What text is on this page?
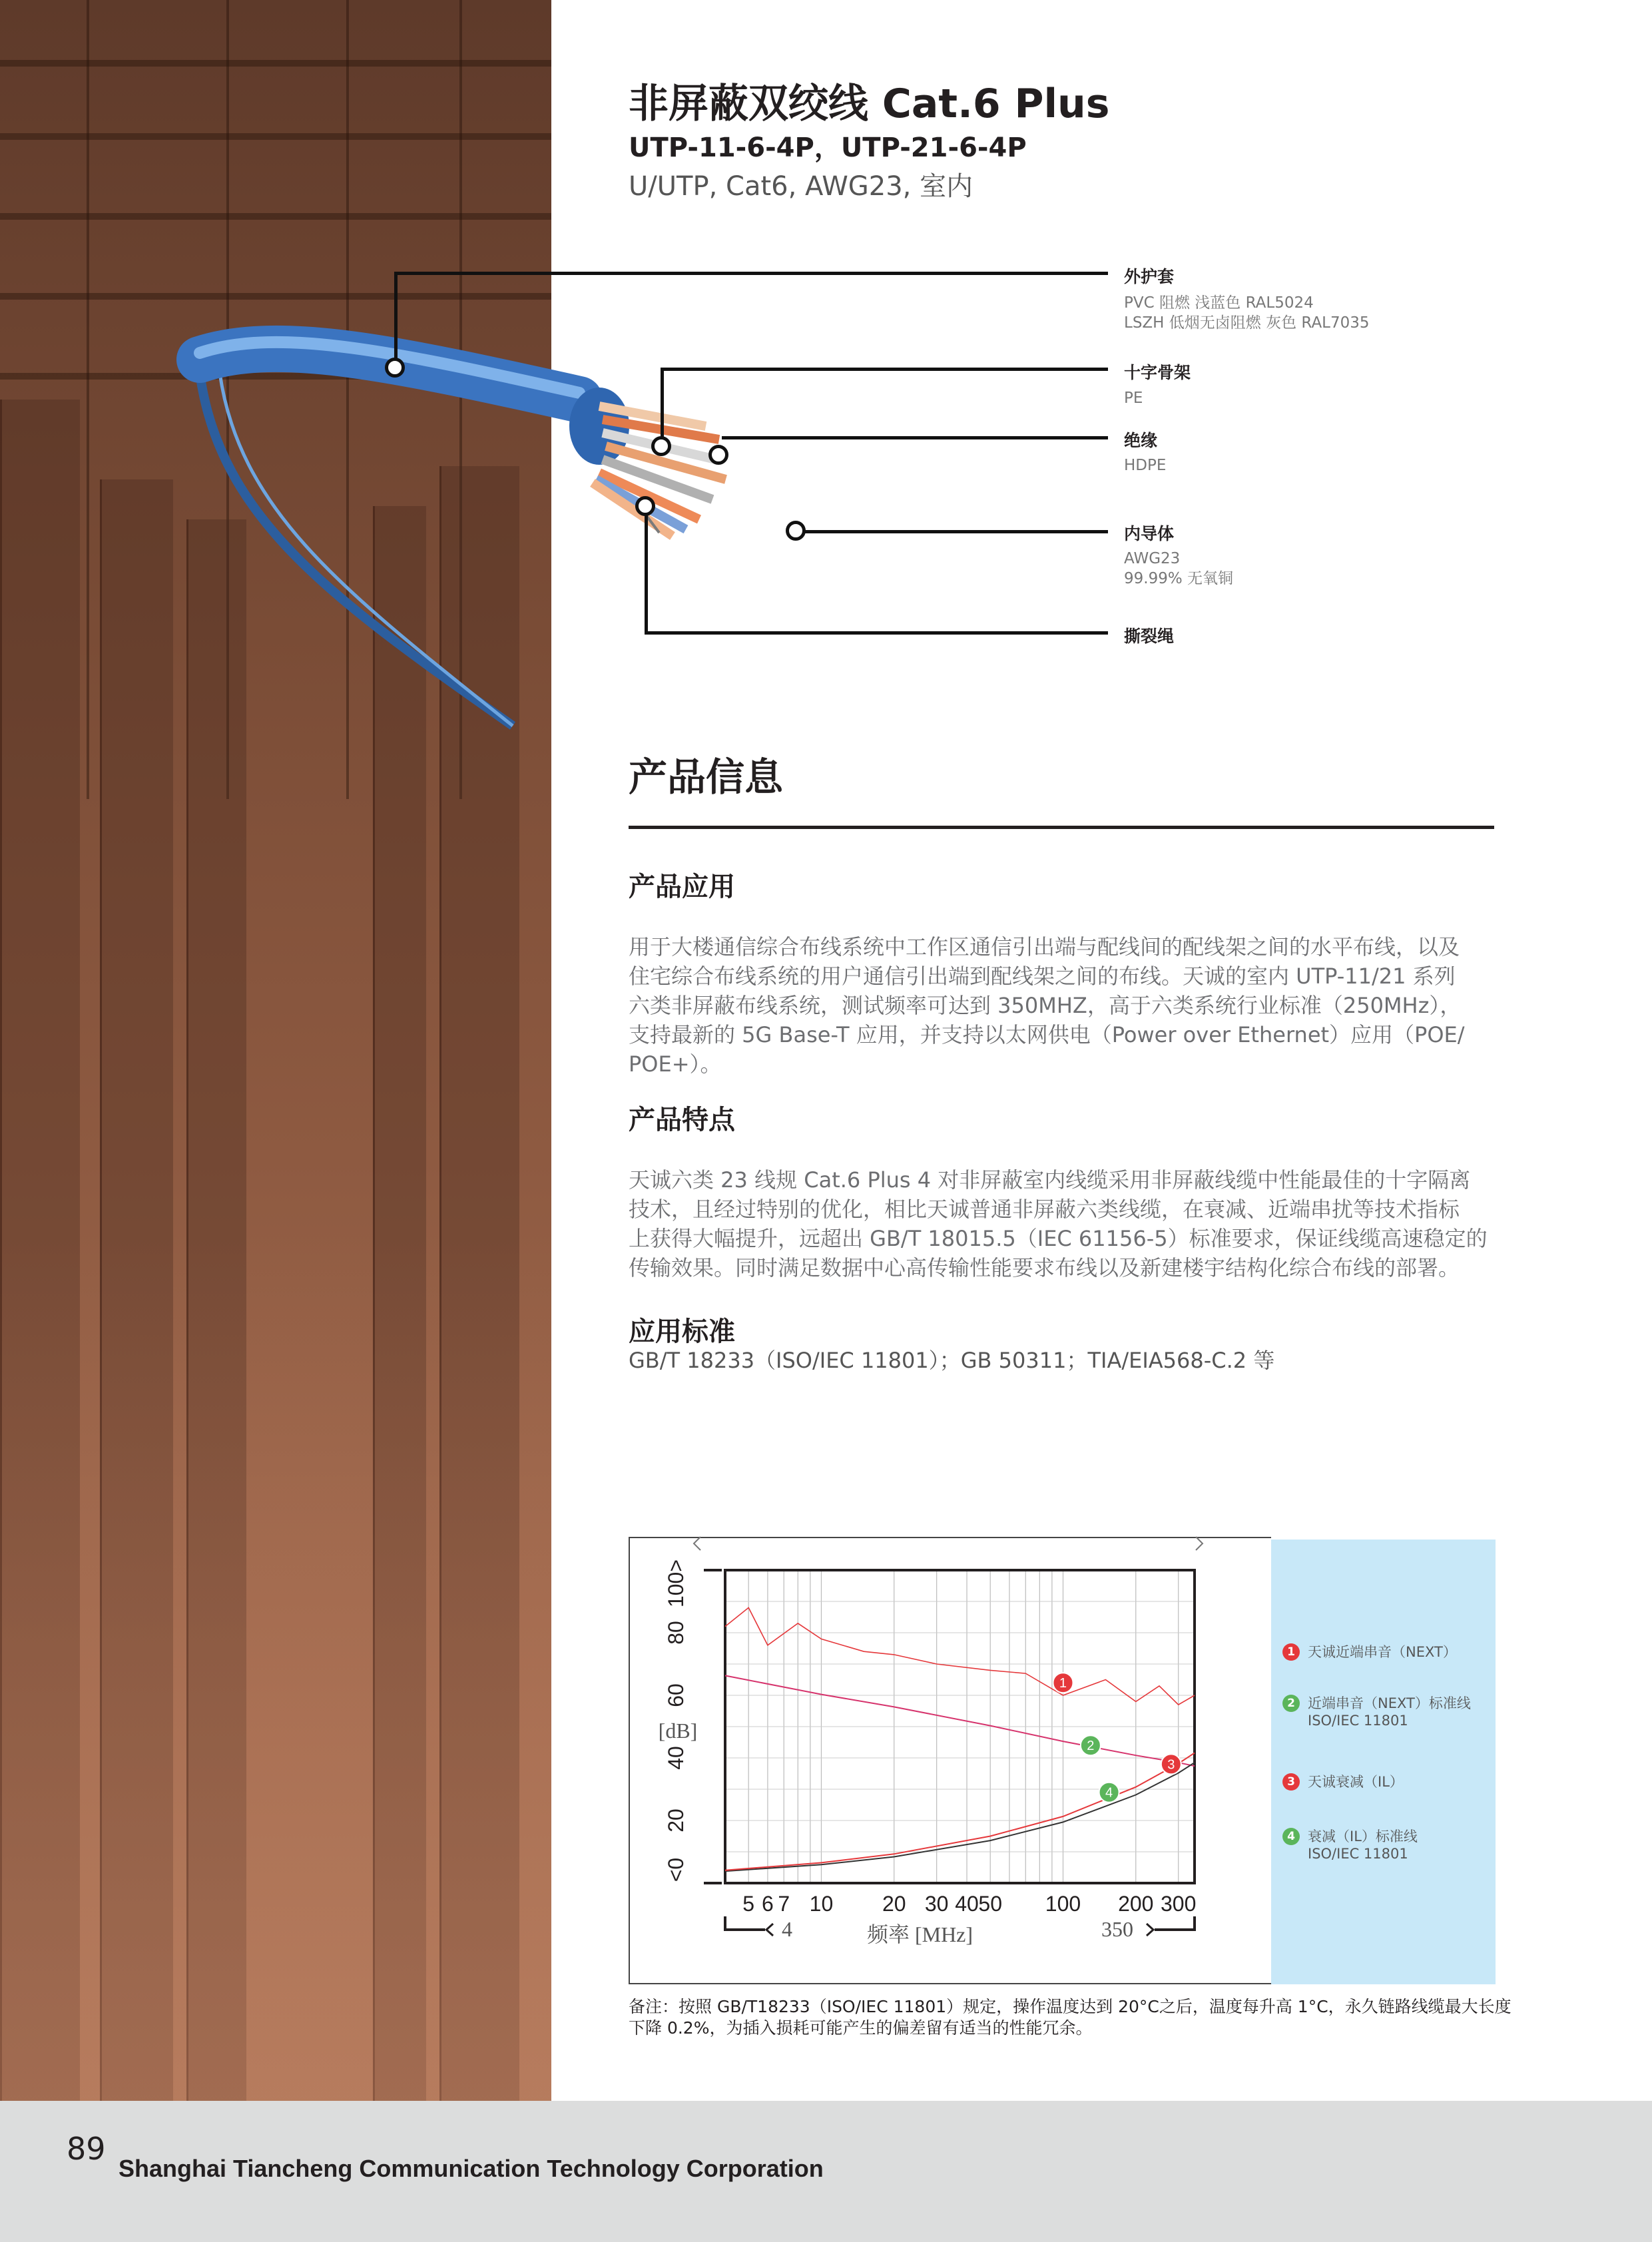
非屏蔽双绞线 Cat.6 Plus
UTP-11-6-4P，UTP-21-6-4P
U/UTP, Cat6, AWG23, 室内
外护套
PVC 阻燃 浅蓝色 RAL5024
LSZH 低烟无卤阻燃 灰色 RAL7035
十字骨架
PE
绝缘
HDPE
内导体
AWG23
99.99% 无氧铜
撕裂绳
产品信息
产品应用
用于大楼通信综合布线系统中工作区通信引出端与配线间的配线架之间的水平布线，以及
住宅综合布线系统的用户通信引出端到配线架之间的布线。天诚的室内 UTP-11/21 系列
六类非屏蔽布线系统，测试频率可达到 350MHZ，高于六类系统行业标准（250MHz），
支持最新的 5G Base-T 应用，并支持以太网供电（Power over Ethernet）应用（POE/
POE+）。
产品特点
天诚六类 23 线规 Cat.6 Plus 4 对非屏蔽室内线缆采用非屏蔽线缆中性能最佳的十字隔离
技术，且经过特别的优化，相比天诚普通非屏蔽六类线缆，在衰减、近端串扰等技术指标
上获得大幅提升，远超出 GB/T 18015.5（IEC 61156-5）标准要求，保证线缆高速稳定的
传输效果。同时满足数据中心高传输性能要求布线以及新建楼宇结构化综合布线的部署。
应用标准
GB/T 18233（ISO/IEC 11801）；GB 50311；TIA/EIA568-C.2 等
1
2
3
4
5 6 7 10 20 30 40 50 100 200 300
20
40
60
80
100>
<0
[dB]
4	350
频率 [MHz]
1 天诚近端串音（NEXT）
2 近端串音（NEXT）标准线
ISO/IEC 11801
3 天诚衰减（IL）
4 衰减（IL）标准线
ISO/IEC 11801
备注：按照 GB/T18233（ISO/IEC 11801）规定，操作温度达到 20°C之后，温度每升高 1°C，永久链路线缆最大长度
下降 0.2%，为插入损耗可能产生的偏差留有适当的性能冗余。
89
Shanghai Tiancheng Communication Technology Corporation
